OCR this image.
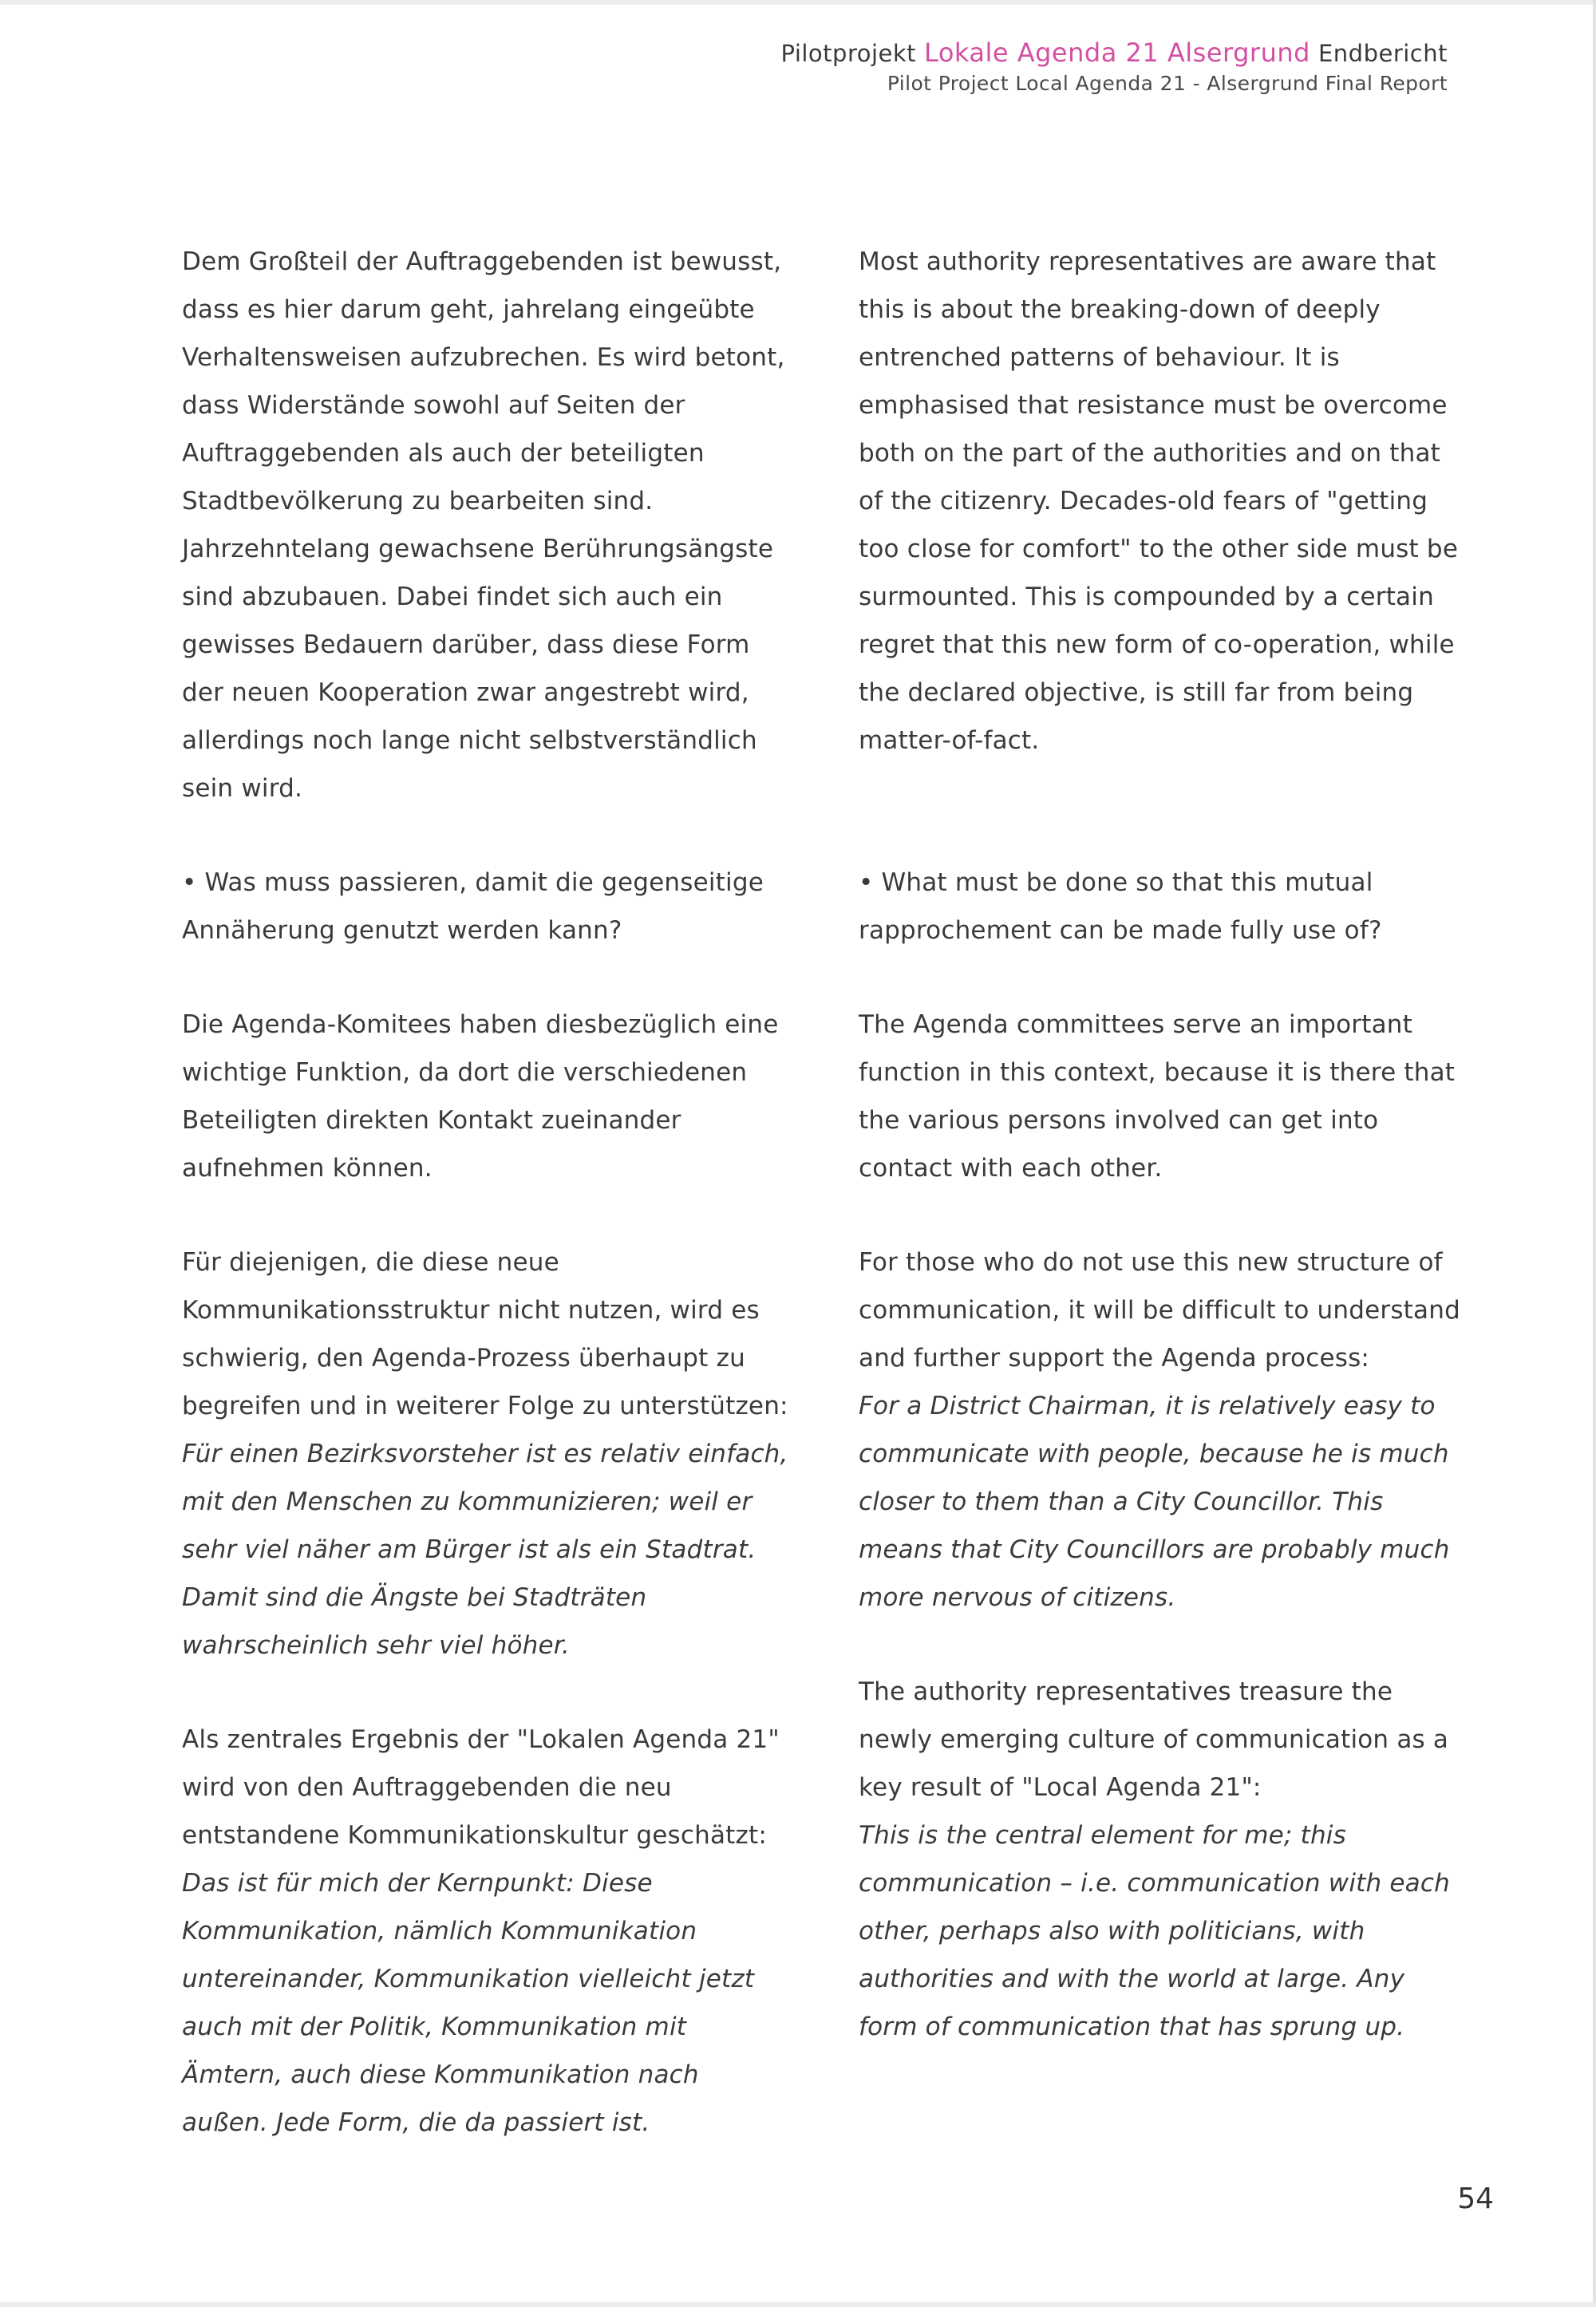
Pilotprojekt Lokale Agenda 21 Alsergrund Endbericht
Pilot Project Local Agenda 21 - Alsergrund Final Report

Dem Großteil der Auftraggebenden ist bewusst, dass es hier darum geht, jahrelang eingeübte Verhaltensweisen aufzubrechen. Es wird betont, dass Widerstände sowohl auf Seiten der Auftraggebenden als auch der beteiligten Stadtbevölkerung zu bearbeiten sind. Jahrzehntelang gewachsene Berührungsängste sind abzubauen. Dabei findet sich auch ein gewisses Bedauern darüber, dass diese Form der neuen Kooperation zwar angestrebt wird, allerdings noch lange nicht selbstverständlich sein wird.

• Was muss passieren, damit die gegenseitige Annäherung genutzt werden kann?

Die Agenda-Komitees haben diesbezüglich eine wichtige Funktion, da dort die verschiedenen Beteiligten direkten Kontakt zueinander aufnehmen können.

Für diejenigen, die diese neue Kommunikationsstruktur nicht nutzen, wird es schwierig, den Agenda-Prozess überhaupt zu begreifen und in weiterer Folge zu unterstützen:
Für einen Bezirksvorsteher ist es relativ einfach, mit den Menschen zu kommunizieren; weil er sehr viel näher am Bürger ist als ein Stadtrat. Damit sind die Ängste bei Stadträten wahrscheinlich sehr viel höher.

Als zentrales Ergebnis der "Lokalen Agenda 21" wird von den Auftraggebenden die neu entstandene Kommunikationskultur geschätzt:
Das ist für mich der Kernpunkt: Diese Kommunikation, nämlich Kommunikation untereinander, Kommunikation vielleicht jetzt auch mit der Politik, Kommunikation mit Ämtern, auch diese Kommunikation nach außen. Jede Form, die da passiert ist.

Most authority representatives are aware that this is about the breaking-down of deeply entrenched patterns of behaviour. It is emphasised that resistance must be overcome both on the part of the authorities and on that of the citizenry. Decades-old fears of "getting too close for comfort" to the other side must be surmounted. This is compounded by a certain regret that this new form of co-operation, while the declared objective, is still far from being matter-of-fact.

• What must be done so that this mutual rapprochement can be made fully use of?

The Agenda committees serve an important function in this context, because it is there that the various persons involved can get into contact with each other.

For those who do not use this new structure of communication, it will be difficult to understand and further support the Agenda process:
For a District Chairman, it is relatively easy to communicate with people, because he is much closer to them than a City Councillor. This means that City Councillors are probably much more nervous of citizens.

The authority representatives treasure the newly emerging culture of communication as a key result of "Local Agenda 21":
This is the central element for me; this communication – i.e. communication with each other, perhaps also with politicians, with authorities and with the world at large. Any form of communication that has sprung up.

54
